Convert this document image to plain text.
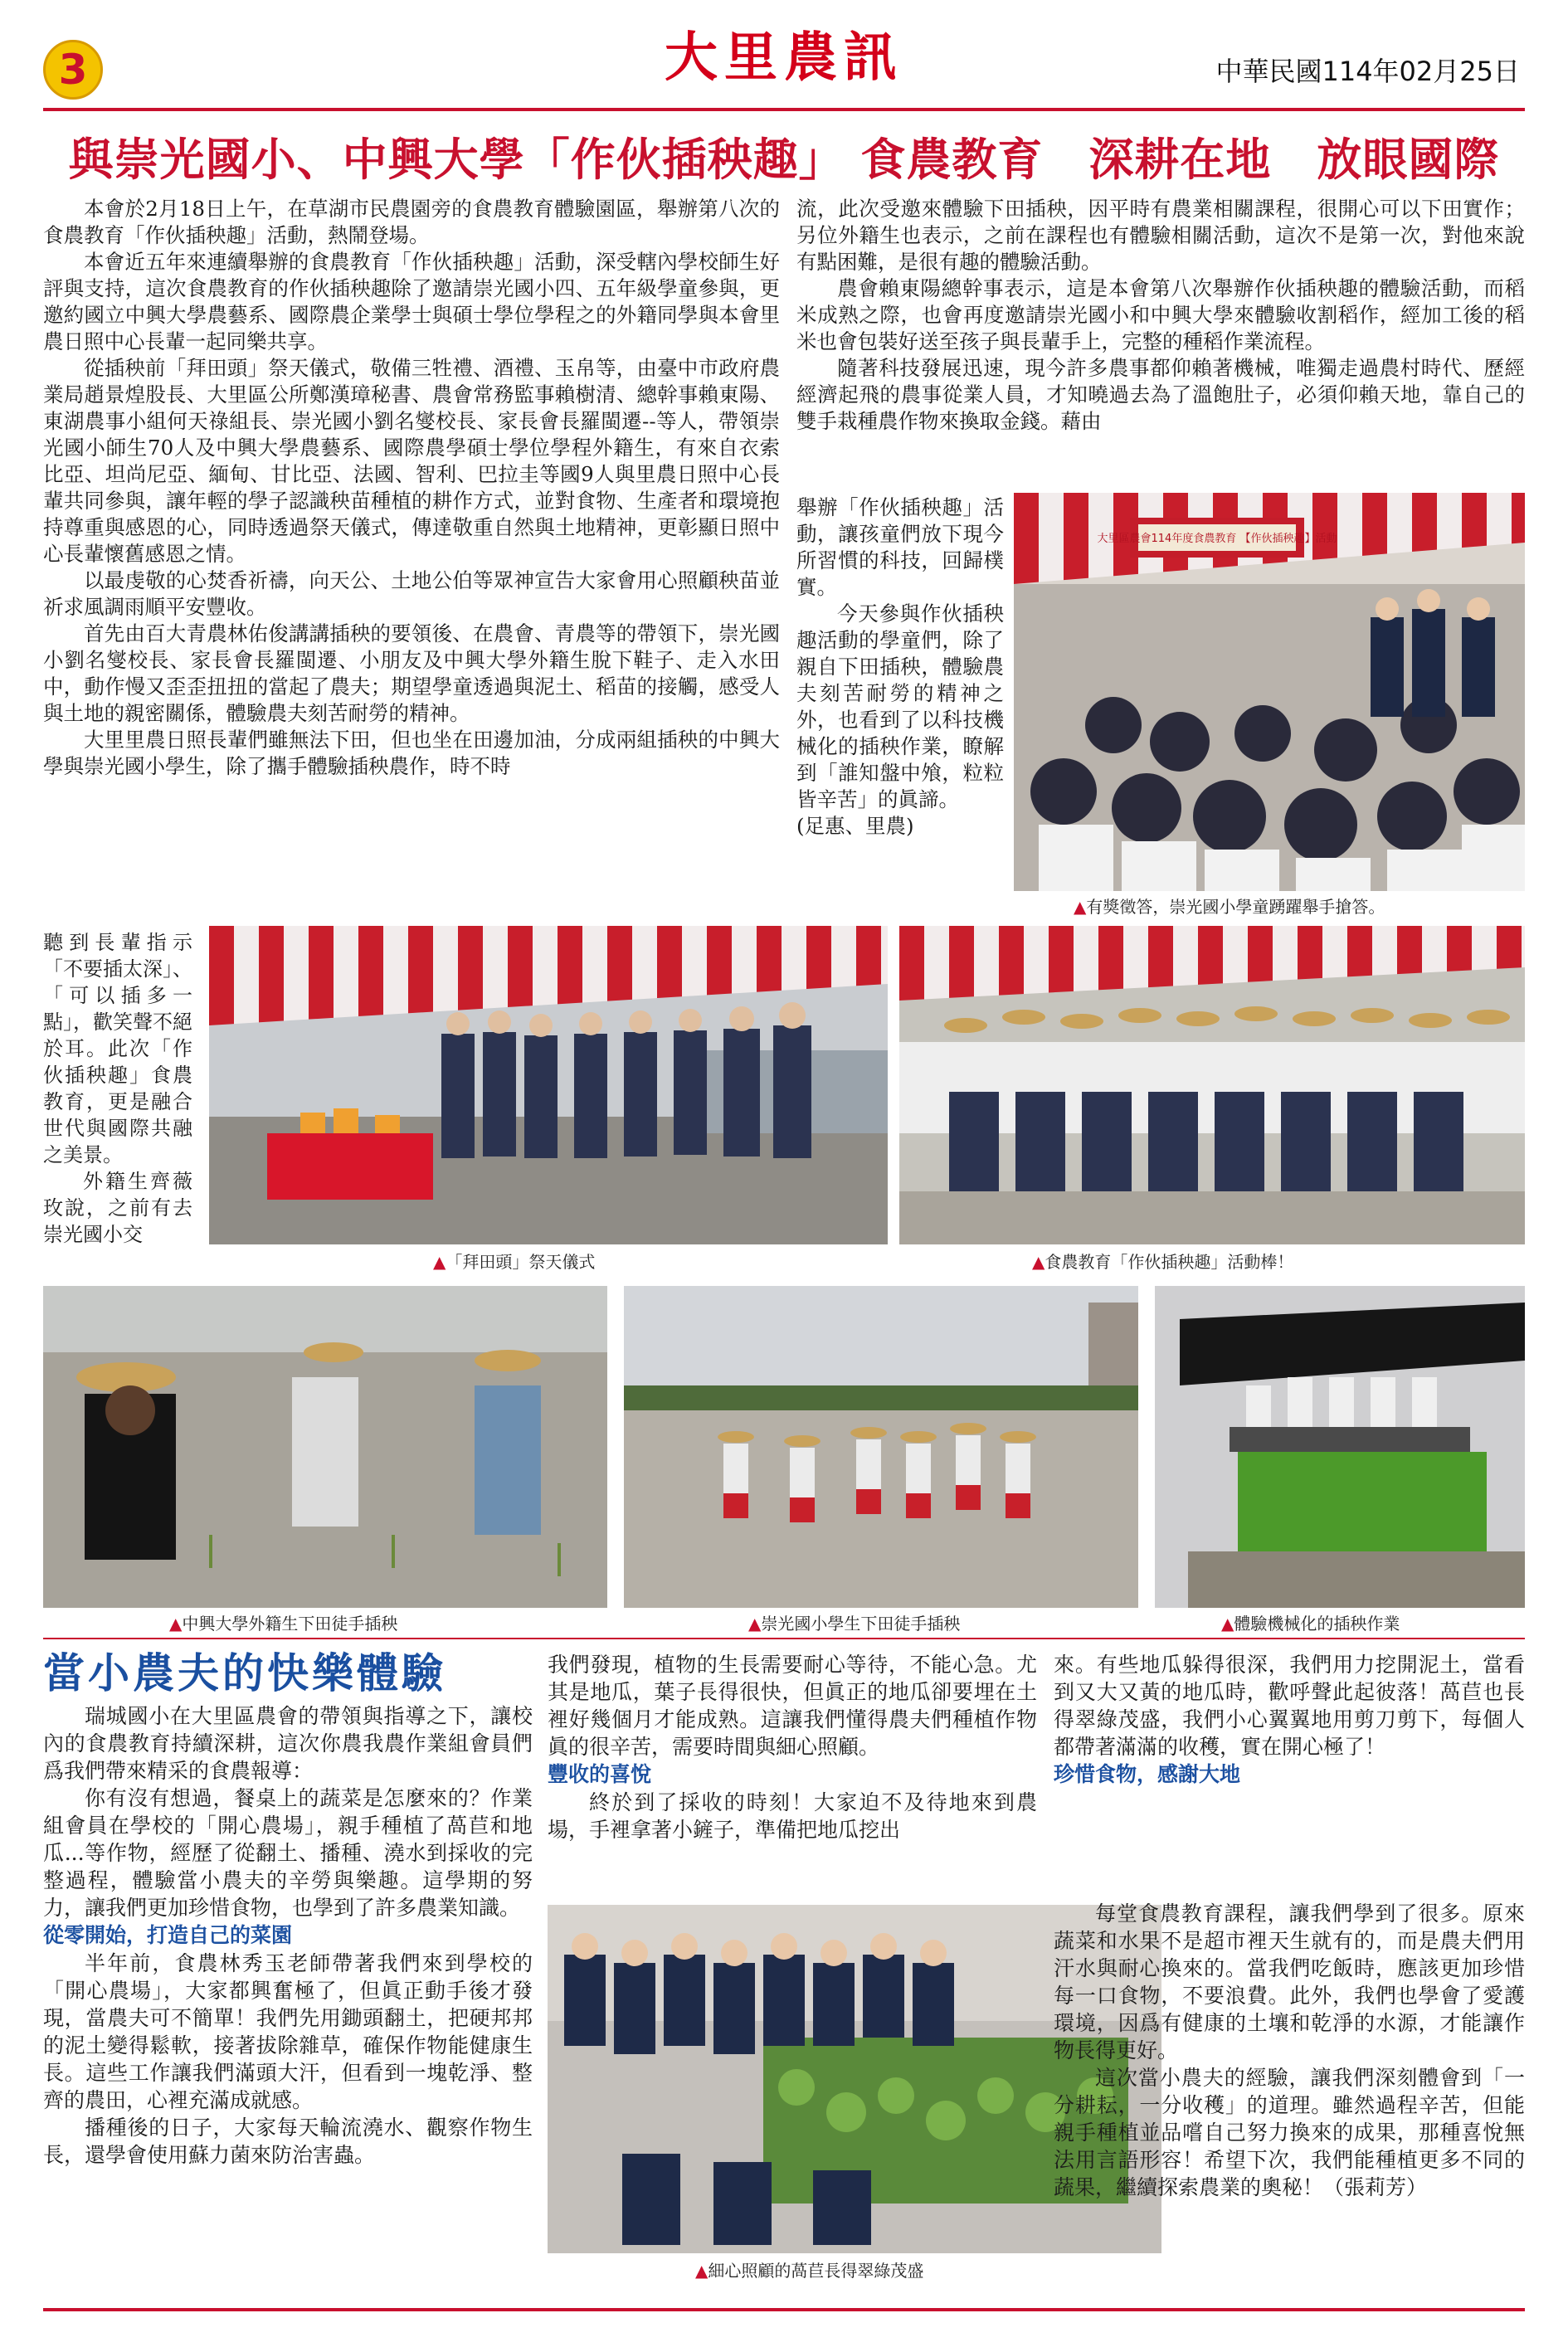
3	大里農訊	中華民國114年02月25日
與崇光國小、中興大學「作伙插秧趣」 食農教育　深耕在地　放眼國際

本會於2月18日上午，在草湖市民農園旁的食農教育體驗園區，舉辦第八次的食農教育「作伙插秧趣」活動，熱鬧登場。

本會近五年來連續舉辦的食農教育「作伙插秧趣」活動，深受轄內學校師生好評與支持，這次食農教育的作伙插秧趣除了邀請崇光國小四、五年級學童參與，更邀約國立中興大學農藝系、國際農企業學士與碩士學位學程之的外籍同學與本會里農日照中心長輩一起同樂共享。

從插秧前「拜田頭」祭天儀式，敬備三牲禮、酒禮、玉帛等，由臺中市政府農業局趙景煌股長、大里區公所鄭漢璋秘書、農會常務監事賴樹清、總幹事賴東陽、東湖農事小組何天祿組長、崇光國小劉名燮校長、家長會長羅閩遷--等人，帶領崇光國小師生70人及中興大學農藝系、國際農學碩士學位學程外籍生，有來自衣索比亞、坦尚尼亞、緬甸、甘比亞、法國、智利、巴拉圭等國9人與里農日照中心長輩共同參與，讓年輕的學子認識秧苗種植的耕作方式，並對食物、生產者和環境抱持尊重與感恩的心，同時透過祭天儀式，傳達敬重自然與土地精神，更彰顯日照中心長輩懷舊感恩之情。

以最虔敬的心焚香祈禱，向天公、土地公伯等眾神宣告大家會用心照顧秧苗並祈求風調雨順平安豐收。

首先由百大青農林佑俊講講插秧的要領後、在農會、青農等的帶領下，崇光國小劉名燮校長、家長會長羅閩遷、小朋友及中興大學外籍生脫下鞋子、走入水田中，動作慢又歪歪扭扭的當起了農夫；期望學童透過與泥土、稻苗的接觸，感受人與土地的親密關係，體驗農夫刻苦耐勞的精神。

大里里農日照長輩們雖無法下田，但也坐在田邊加油，分成兩組插秧的中興大學與崇光國小學生，除了攜手體驗插秧農作，時不時

聽到長輩指示「不要插太深」、「可以插多一點」，歡笑聲不絕於耳。此次「作伙插秧趣」食農教育，更是融合世代與國際共融之美景。

外籍生齊薇玫說，之前有去崇光國小交

流，此次受邀來體驗下田插秧，因平時有農業相關課程，很開心可以下田實作；另位外籍生也表示，之前在課程也有體驗相關活動，這次不是第一次，對他來說有點困難，是很有趣的體驗活動。

農會賴東陽總幹事表示，這是本會第八次舉辦作伙插秧趣的體驗活動，而稻米成熟之際，也會再度邀請崇光國小和中興大學來體驗收割稻作，經加工後的稻米也會包裝好送至孩子與長輩手上，完整的種稻作業流程。

隨著科技發展迅速，現今許多農事都仰賴著機械，唯獨走過農村時代、歷經經濟起飛的農事從業人員，才知曉過去為了溫飽肚子，必須仰賴天地，靠自己的雙手栽種農作物來換取金錢。藉由

舉辦「作伙插秧趣」活動，讓孩童們放下現今所習慣的科技，回歸樸實。

今天參與作伙插秧趣活動的學童們，除了親自下田插秧，體驗農夫刻苦耐勞的精神之外，也看到了以科技機械化的插秧作業，瞭解到「誰知盤中飧，粒粒皆辛苦」的眞諦。

(足惠、里農)

大里區農會114年度食農教育 【作伙插秧趣】活動
▲有獎徵答，崇光國小學童踴躍舉手搶答。
▲「拜田頭」祭天儀式	▲食農教育「作伙插秧趣」活動棒！
▲中興大學外籍生下田徒手插秧	▲崇光國小學生下田徒手插秧	▲體驗機械化的插秧作業
當小農夫的快樂體驗

瑞城國小在大里區農會的帶領與指導之下，讓校內的食農教育持續深耕，這次你農我農作業組會員們爲我們帶來精采的食農報導：

你有沒有想過，餐桌上的蔬菜是怎麼來的？作業組會員在學校的「開心農場」，親手種植了萵苣和地瓜...等作物，經歷了從翻土、播種、澆水到採收的完整過程，體驗當小農夫的辛勞與樂趣。這學期的努力，讓我們更加珍惜食物，也學到了許多農業知識。

從零開始，打造自己的菜園

半年前，食農林秀玉老師帶著我們來到學校的「開心農場」，大家都興奮極了，但眞正動手後才發現，當農夫可不簡單！我們先用鋤頭翻土，把硬邦邦的泥土變得鬆軟，接著拔除雜草，確保作物能健康生長。這些工作讓我們滿頭大汗，但看到一塊乾淨、整齊的農田，心裡充滿成就感。

播種後的日子，大家每天輪流澆水、觀察作物生長，還學會使用蘇力菌來防治害蟲。

我們發現，植物的生長需要耐心等待，不能心急。尤其是地瓜，葉子長得很快，但眞正的地瓜卻要埋在土裡好幾個月才能成熟。這讓我們懂得農夫們種植作物眞的很辛苦，需要時間與細心照顧。

豐收的喜悅

終於到了採收的時刻！大家迫不及待地來到農場，手裡拿著小鏟子，準備把地瓜挖出

來。有些地瓜躲得很深，我們用力挖開泥土，當看到又大又黃的地瓜時，歡呼聲此起彼落！萵苣也長得翠綠茂盛，我們小心翼翼地用剪刀剪下，每個人都帶著滿滿的收穫，實在開心極了！

珍惜食物，感謝大地
▲細心照顧的萵苣長得翠綠茂盛

每堂食農教育課程，讓我們學到了很多。原來蔬菜和水果不是超市裡天生就有的，而是農夫們用汗水與耐心換來的。當我們吃飯時，應該更加珍惜每一口食物，不要浪費。此外，我們也學會了愛護環境，因爲有健康的土壤和乾淨的水源，才能讓作物長得更好。

這次當小農夫的經驗，讓我們深刻體會到「一分耕耘，一分收穫」的道理。雖然過程辛苦，但能親手種植並品嚐自己努力換來的成果，那種喜悅無法用言語形容！希望下次，我們能種植更多不同的蔬果，繼續探索農業的奧秘！（張莉芳）
